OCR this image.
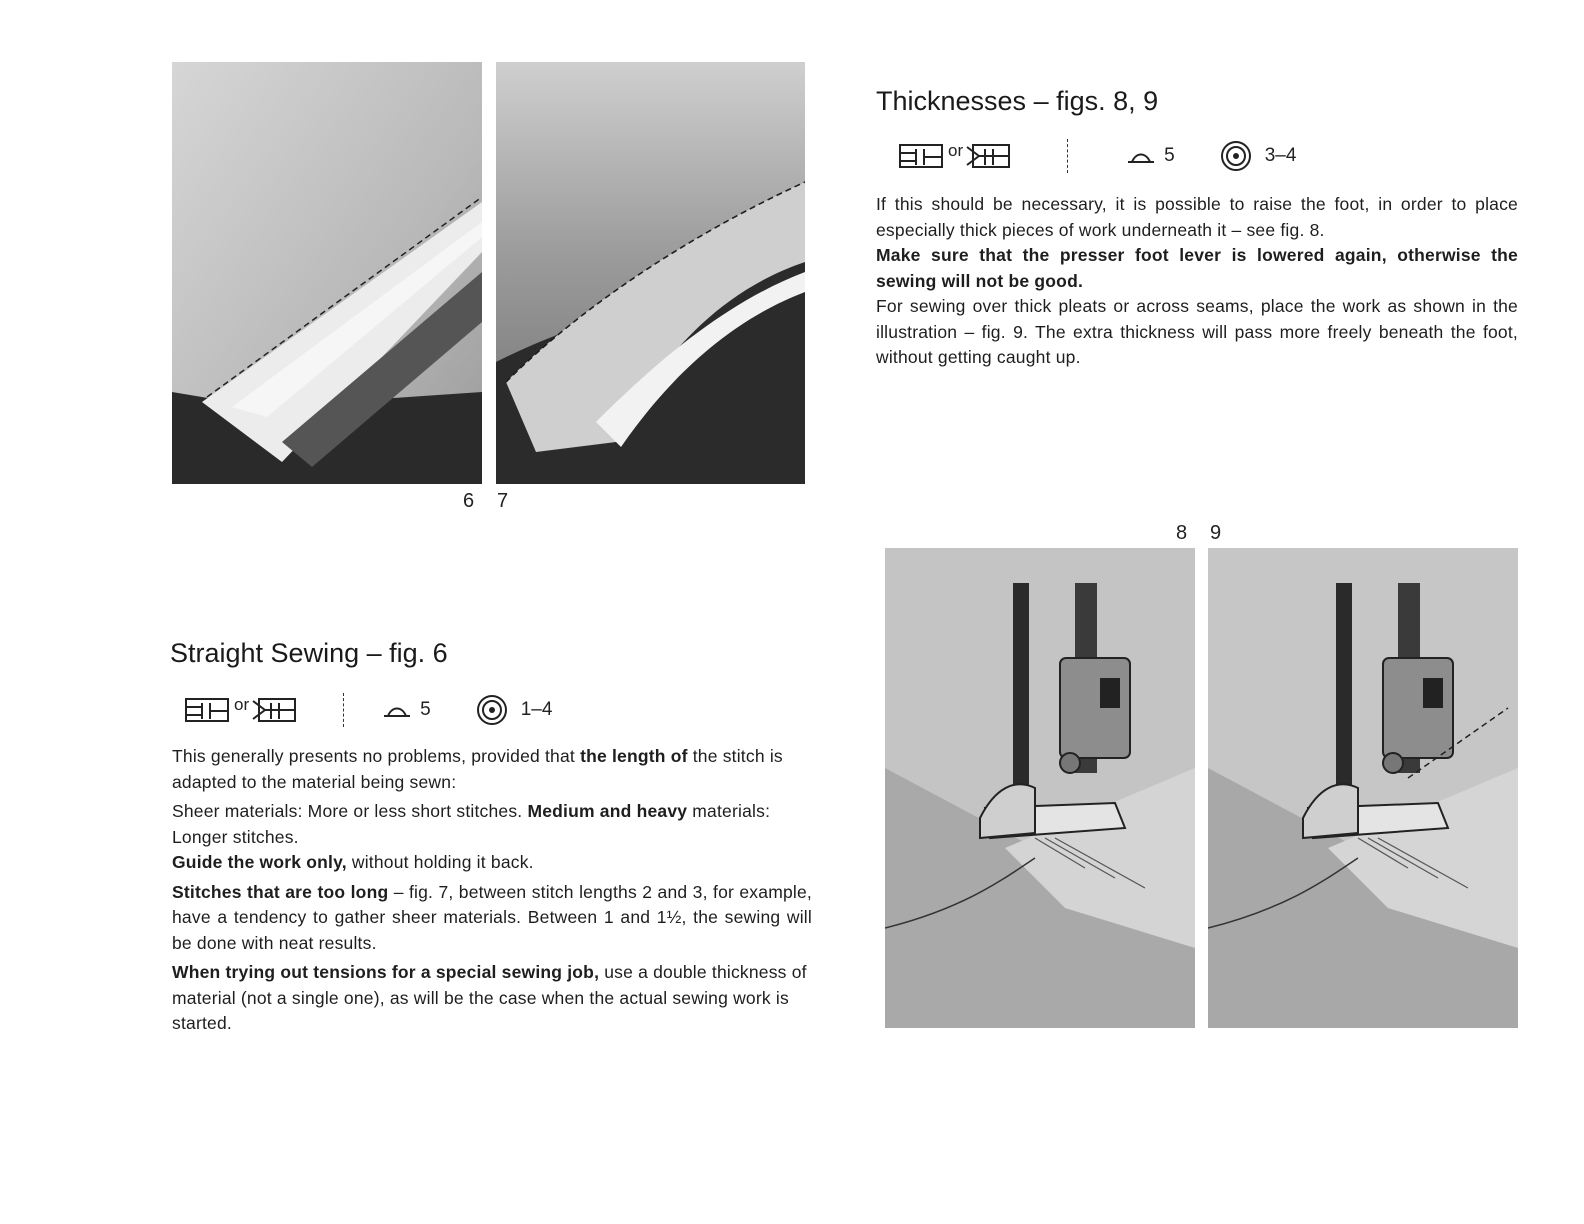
6 7
Thicknesses – figs. 8, 9
or	5	3–4

If this should be necessary, it is possible to raise the foot, in order to place especially thick pieces of work underneath it – see fig. 8.

Make sure that the presser foot lever is lowered again, otherwise the sewing will not be good.

For sewing over thick pleats or across seams, place the work as shown in the illustration – fig. 9. The extra thickness will pass more freely beneath the foot, without getting caught up.

8 9
Straight Sewing – fig. 6
or	5	1–4

This generally presents no problems, provided that the length of the stitch is adapted to the material being sewn:

Sheer materials: More or less short stitches. Medium and heavy materials: Longer stitches.

Guide the work only, without holding it back.

Stitches that are too long – fig. 7, between stitch lengths 2 and 3, for example, have a tendency to gather sheer materials. Between 1 and 1½, the sewing will be done with neat results.

When trying out tensions for a special sewing job, use a double thickness of material (not a single one), as will be the case when the actual sewing work is started.
